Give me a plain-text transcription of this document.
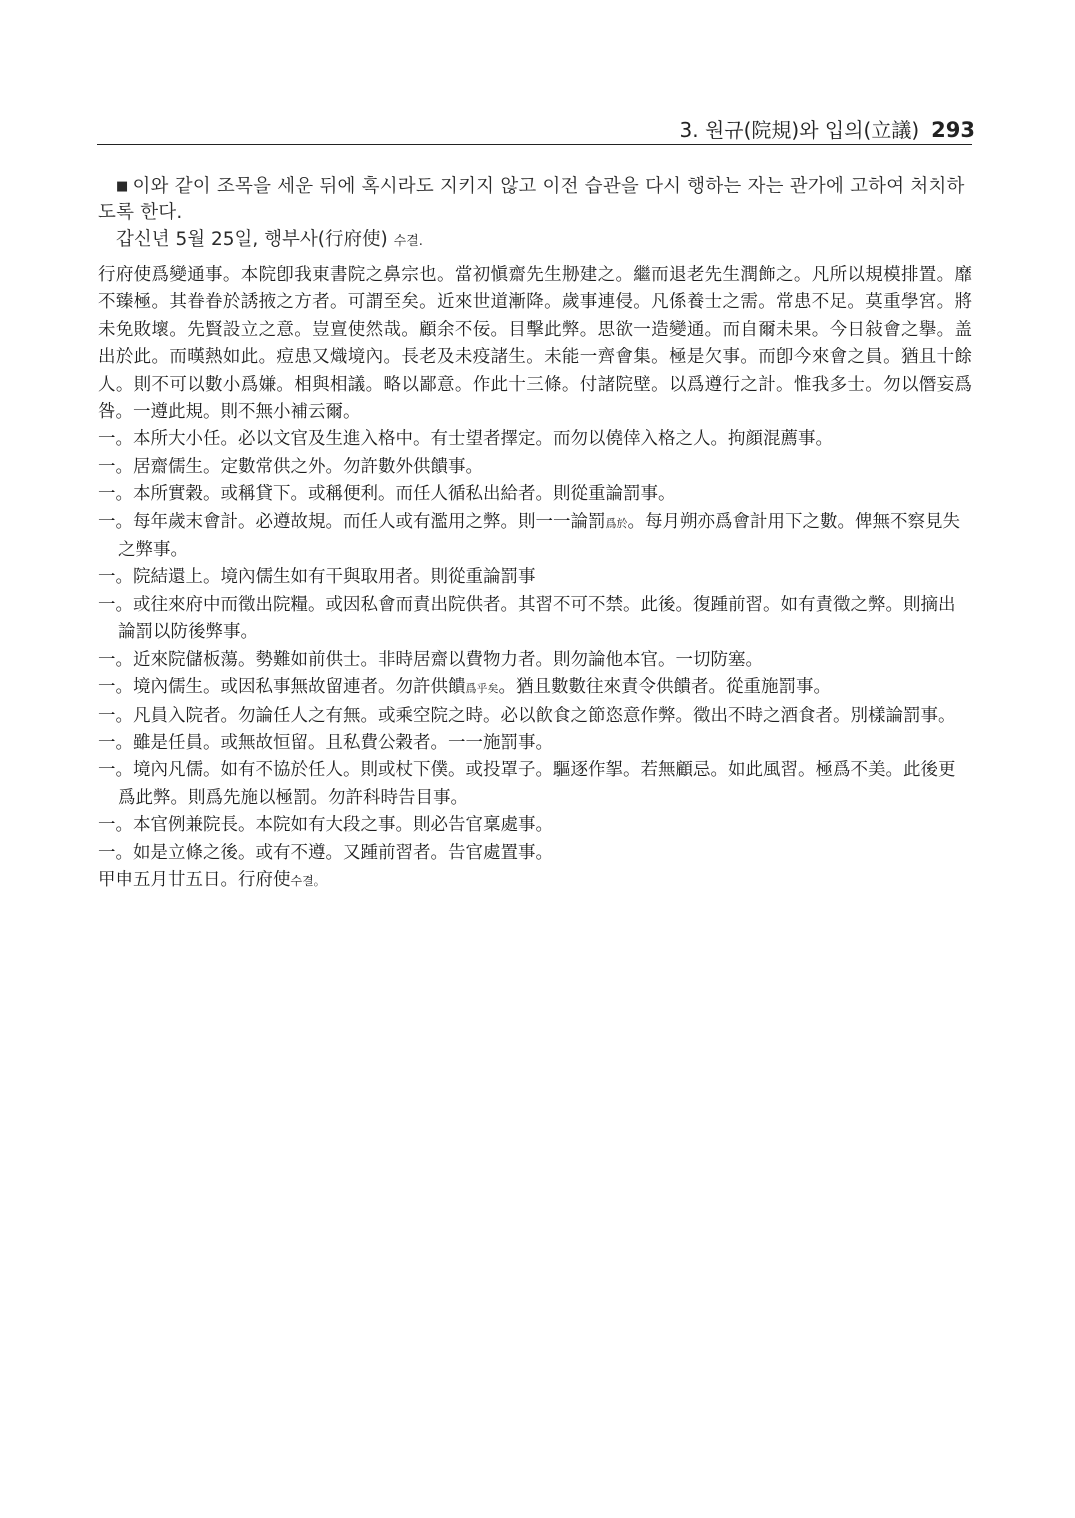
3. 원규(院規)와 입의(立議) 293
■ 이와 같이 조목을 세운 뒤에 혹시라도 지키지 않고 이전 습관을 다시 행하는 자는 관가에 고하여 처치하도록 한다.
갑신년 5월 25일, 행부사(行府使) 수결.

行府使爲變通事。本院卽我東書院之鼻宗也。當初愼齋先生刱建之。繼而退老先生潤飾之。凡所以規模排置。靡不臻極。其眷眷於誘掖之方者。可謂至矣。近來世道漸降。歲事連侵。凡係養士之需。常患不足。莫重學宮。將未免敗壞。先賢設立之意。豈亶使然哉。顧余不佞。目擊此弊。思欲一造變通。而自爾未果。今日敍會之擧。盖出於此。而暵熱如此。痘患又熾境內。長老及未疫諸生。未能一齊會集。極是欠事。而卽今來會之員。猶且十餘人。則不可以數小爲嫌。相與相議。略以鄙意。作此十三條。付諸院壁。以爲遵行之計。惟我多士。勿以僭妄爲咎。一遵此規。則不無小補云爾。

一。本所大小任。必以文官及生進入格中。有士望者擇定。而勿以僥倖入格之人。拘顔混薦事。

一。居齋儒生。定數常供之外。勿許數外供饋事。

一。本所實穀。或稱貸下。或稱便利。而任人循私出給者。則從重論罰事。

一。每年歲末會計。必遵故規。而任人或有濫用之弊。則一一論罰爲於。每月朔亦爲會計用下之數。俾無不察見失之弊事。

一。院結還上。境內儒生如有干與取用者。則從重論罰事

一。或往來府中而徵出院糧。或因私會而責出院供者。其習不可不禁。此後。復踵前習。如有責徵之弊。則摘出論罰以防後弊事。

一。近來院儲板蕩。勢難如前供士。非時居齋以費物力者。則勿論他本官。一切防塞。

一。境內儒生。或因私事無故留連者。勿許供饋爲乎矣。猶且數數往來責令供饋者。從重施罰事。

一。凡員入院者。勿論任人之有無。或乘空院之時。必以飮食之節恣意作弊。徵出不時之酒食者。別樣論罰事。

一。雖是任員。或無故恒留。且私費公穀者。一一施罰事。

一。境內凡儒。如有不協於任人。則或杖下僕。或投罩子。驅逐作挐。若無顧忌。如此風習。極爲不美。此後更爲此弊。則爲先施以極罰。勿許科時告目事。

一。本官例兼院長。本院如有大段之事。則必告官稟處事。

一。如是立條之後。或有不遵。又踵前習者。告官處置事。

甲申五月廿五日。行府使수결。
